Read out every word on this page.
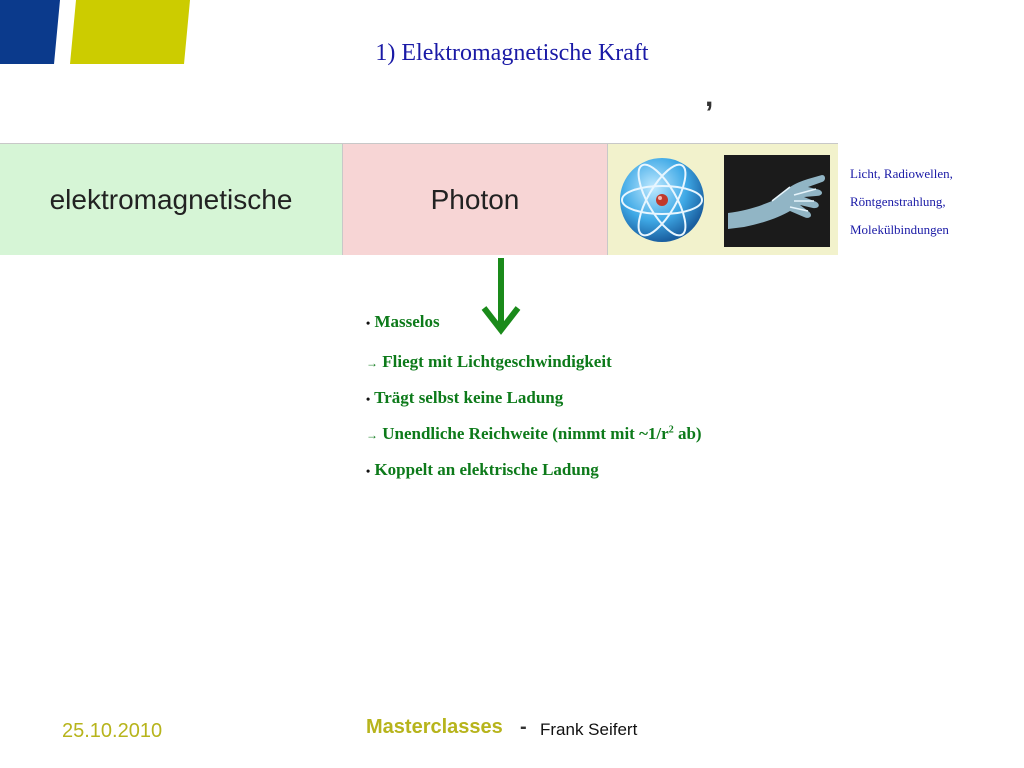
1) Elektromagnetische Kraft
elektromagnetische	Photon
,
Licht, Radiowellen,
Röntgenstrahlung,
Molekülbindungen
• Masselos
→ Fliegt mit Lichtgeschwindigkeit
• Trägt selbst keine Ladung
→ Unendliche Reichweite (nimmt mit $\sim 1/r^2$ ab)
• Koppelt an elektrische Ladung
25.10.2010	Masterclasses - Frank Seifert
